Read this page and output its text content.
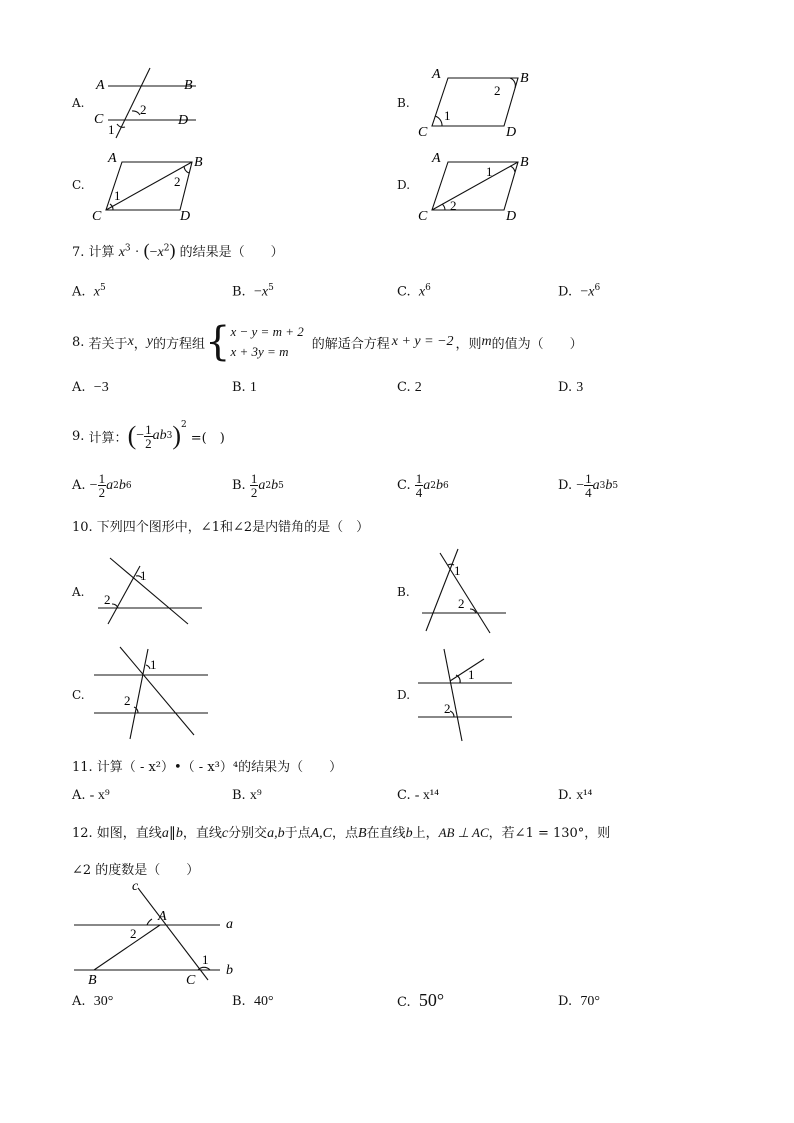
A.
A	B
C	D
2
1
B.
A	B
C	D
2
1
C.
A	B
C	D
1
2	D.
A	B
C	D
1
2
7. 计算 $x^3 \cdot (-x^2)$ 的结果是（　　）
A. $x^5$	B. $-x^5$	C. $x^6$	D. $-x^6$
8.
若关于 x ， y 的方程组 { x − y = m + 2
x + 3y = m	的解适合方程 x + y = −2 ，则 m 的值为（　　）
A. −3	B. 1	C. 2	D. 3
9.
计算： ( − $\frac{1}{2}$ ab 3 )$^2$
=(　)
A.
− $\frac{1}{2}$ a 2 b 6	B.
$\frac{1}{2}$ a 2 b 5	C.
$\frac{1}{4}$ a 2 b 6	D.
− $\frac{1}{4}$ a 3 b 5
10. 下列四个图形中，∠1和∠2是内错角的是（　）
A.
1
2	B.
1
2
C.
1
2	D.
1
2
11. 计算（ - x²）•（ - x³）⁴的结果为（　　）
A. - x⁹	B. x⁹	C. - x¹⁴	D. x¹⁴
12. 如图，直线a∥b，直线c分别交a,b于点A,C，点B在直线b上，AB ⊥ AC，若∠1 = 130°，则
∠2 的度数是（　　）
c
A
a
2
1
B	C
b
A. 30°	B. 40°	C. 50°	D. 70°
